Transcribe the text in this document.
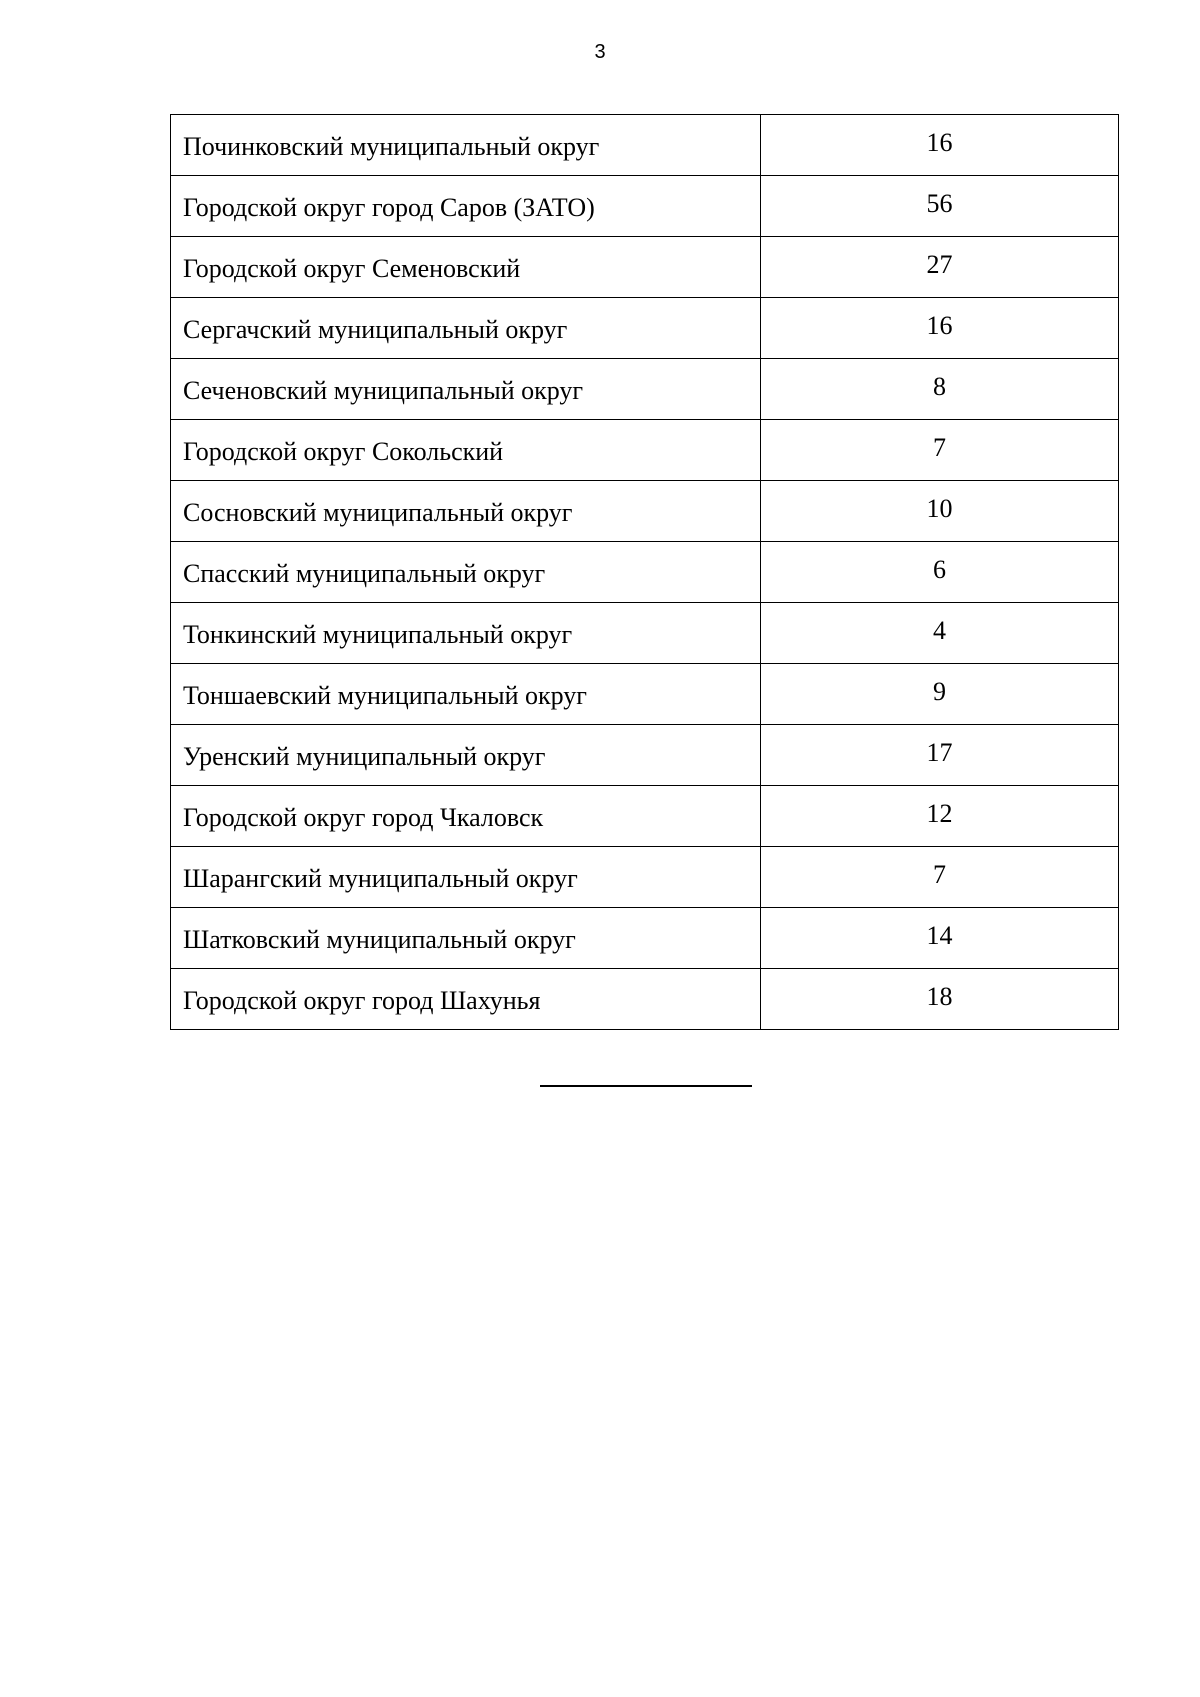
3
Починковский муниципальный округ	16
Городской округ город Саров (ЗАТО)	56
Городской округ Семеновский	27
Сергачский муниципальный округ	16
Сеченовский муниципальный округ	8
Городской округ Сокольский	7
Сосновский муниципальный округ	10
Спасский муниципальный округ	6
Тонкинский муниципальный округ	4
Тоншаевский муниципальный округ	9
Уренский муниципальный округ	17
Городской округ город Чкаловск	12
Шарангский муниципальный округ	7
Шатковский муниципальный округ	14
Городской округ город Шахунья	18
